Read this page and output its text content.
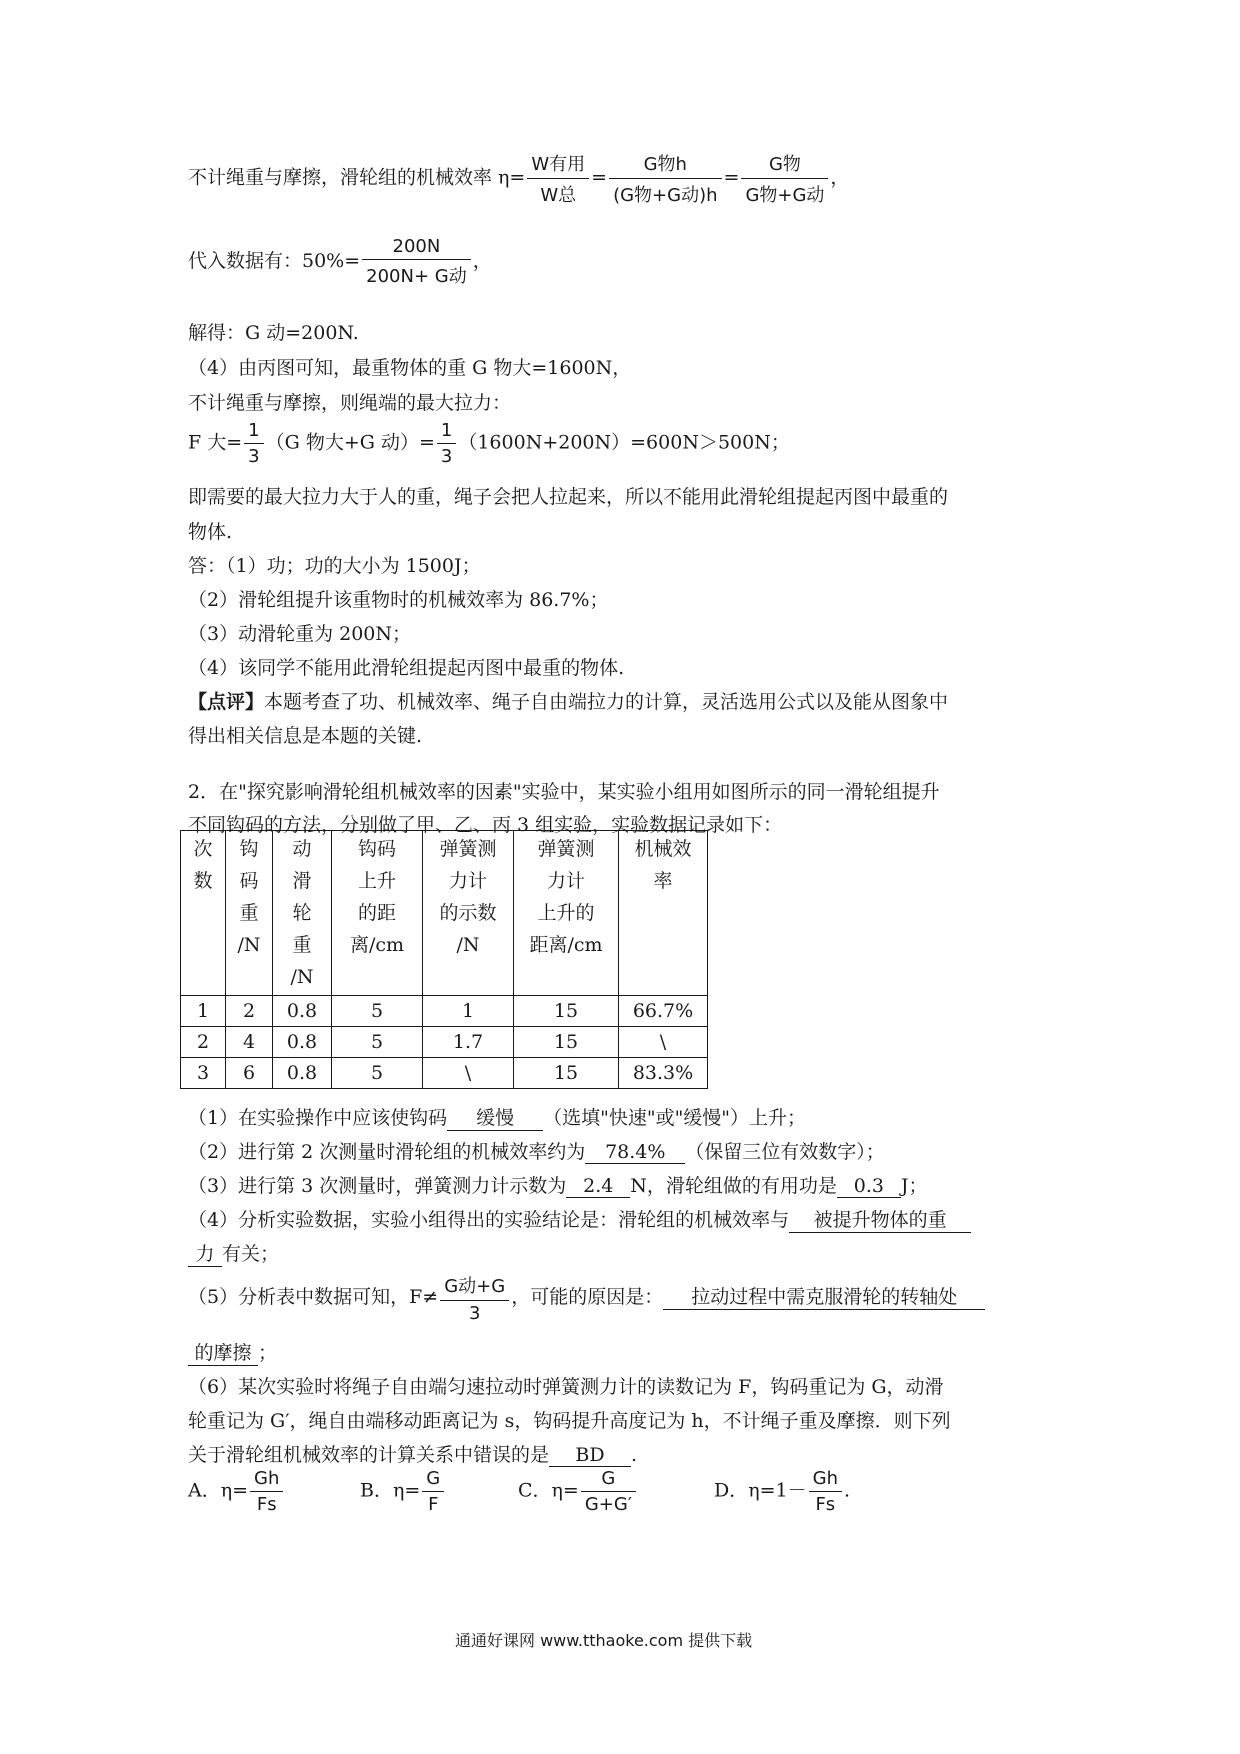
不计绳重与摩擦，滑轮组的机械效率 $\eta= \frac{\text{W有用}}{\text{W总}} = \frac{\text{G物h}}{\text{(G物+G动)h}} = \frac{\text{G物}}{\text{G物+G动}}$ ，
代入数据有：$50\%= \frac{200N}{\text{200N+ G动}}$ ，
解得：G 动=200N.
（4）由丙图可知，最重物体的重 G 物大=1600N，
不计绳重与摩擦，则绳端的最大拉力：
F 大= $\frac{1}{3} (G$ 物大+G 动）= $\frac{1}{3} (1600N+200N)=600N>500N$；
即需要的最大拉力大于人的重，绳子会把人拉起来，所以不能用此滑轮组提起丙图中最重的
物体.
答：（1）功；功的大小为 1500J；
（2）滑轮组提升该重物时的机械效率为 86.7%；
（3）动滑轮重为 200N；
（4）该同学不能用此滑轮组提起丙图中最重的物体.
【点评】本题考查了功、机械效率、绳子自由端拉力的计算，灵活选用公式以及能从图象中
得出相关信息是本题的关键.
2．在"探究影响滑轮组机械效率的因素"实验中，某实验小组用如图所示的同一滑轮组提升
不同钩码的方法，分别做了甲、乙、丙 3 组实验，实验数据记录如下：
次
数	钩
码
重
/N	动
滑
轮
重
/N	钩码
上升
的距
离/cm	弹簧测
力计
的示数
/N	弹簧测
力计
上升的
距离/cm	机械效
率
1	2	0.8	5	1	15	66.7%
2	4	0.8	5	1.7	15	\
3	6	0.8	5	\	15	83.3%
（1）在实验操作中应该使钩码 缓慢 （选填"快速"或"缓慢"）上升；
（2）进行第 2 次测量时滑轮组的机械效率约为 78.4% （保留三位有效数字）；
（3）进行第 3 次测量时，弹簧测力计示数为 2.4 N，滑轮组做的有用功是 0.3 J；
（4）分析实验数据，实验小组得出的实验结论是：滑轮组的机械效率与 被提升物体的重
力 有关；
（5）分析表中数据可知，$F\ne \frac{\text{G动+G}}{3}$ ，可能的原因是： 拉动过程中需克服滑轮的转轴处
的摩擦 ；
（6）某次实验时将绳子自由端匀速拉动时弹簧测力计的读数记为 F，钩码重记为 G，动滑
轮重记为 G′，绳自由端移动距离记为 s，钩码提升高度记为 h，不计绳子重及摩擦．则下列
关于滑轮组机械效率的计算关系中错误的是 BD .
A．$\eta= \frac{Gh}{Fs}$	B．$\eta= \frac{G}{F}$	C．$\eta= \frac{G}{G+G'}$	D．$\eta=1- \frac{Gh}{Fs}$ .
通通好课网 www.tthaoke.com 提供下载
